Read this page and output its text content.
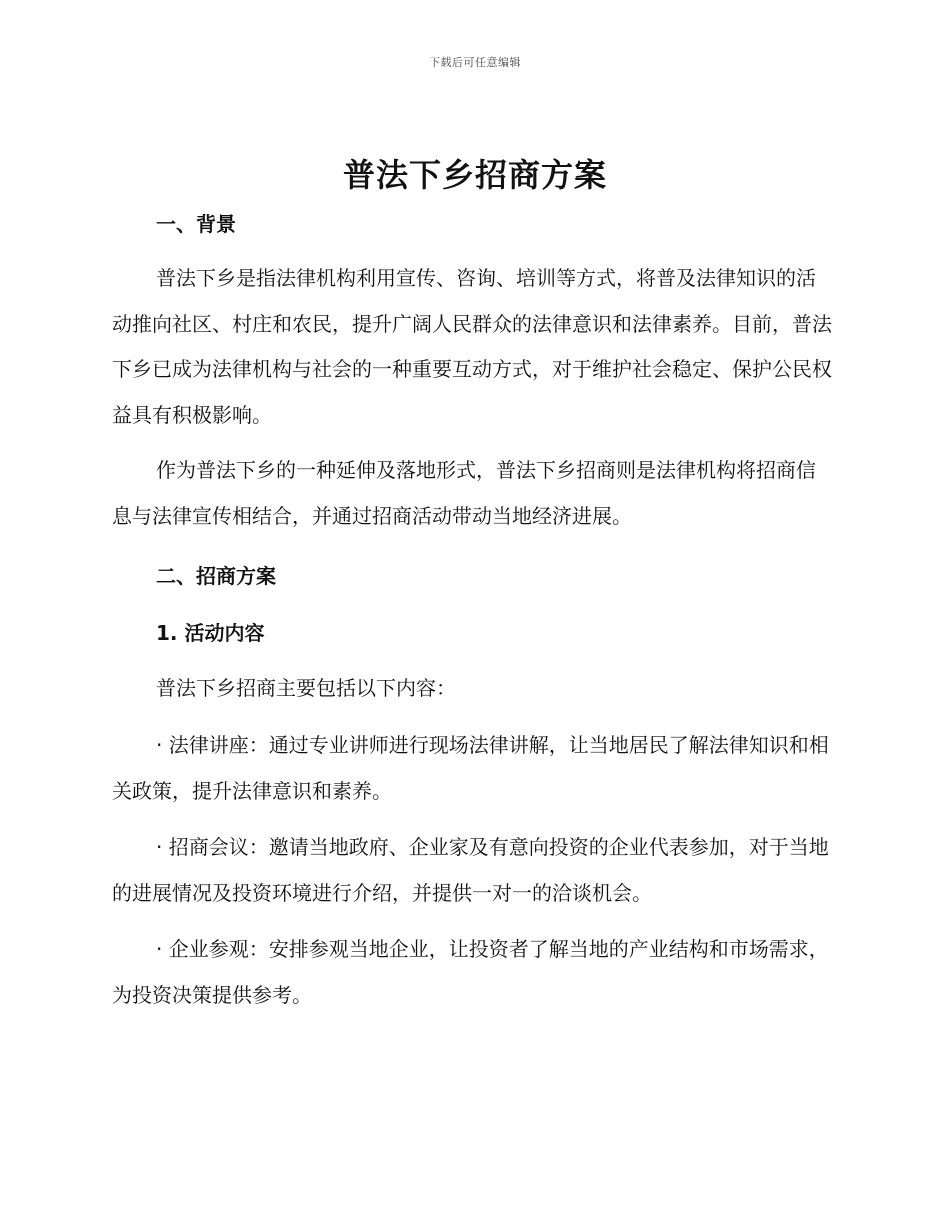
下载后可任意编辑
普法下乡招商方案
一、背景

普法下乡是指法律机构利用宣传、咨询、培训等方式，将普及法律知识的活动推向社区、村庄和农民，提升广阔人民群众的法律意识和法律素养。目前，普法下乡已成为法律机构与社会的一种重要互动方式，对于维护社会稳定、保护公民权益具有积极影响。

作为普法下乡的一种延伸及落地形式，普法下乡招商则是法律机构将招商信息与法律宣传相结合，并通过招商活动带动当地经济进展。

二、招商方案
1. 活动内容

普法下乡招商主要包括以下内容：

· 法律讲座：通过专业讲师进行现场法律讲解，让当地居民了解法律知识和相关政策，提升法律意识和素养。

· 招商会议：邀请当地政府、企业家及有意向投资的企业代表参加，对于当地的进展情况及投资环境进行介绍，并提供一对一的洽谈机会。

· 企业参观：安排参观当地企业，让投资者了解当地的产业结构和市场需求，为投资决策提供参考。
